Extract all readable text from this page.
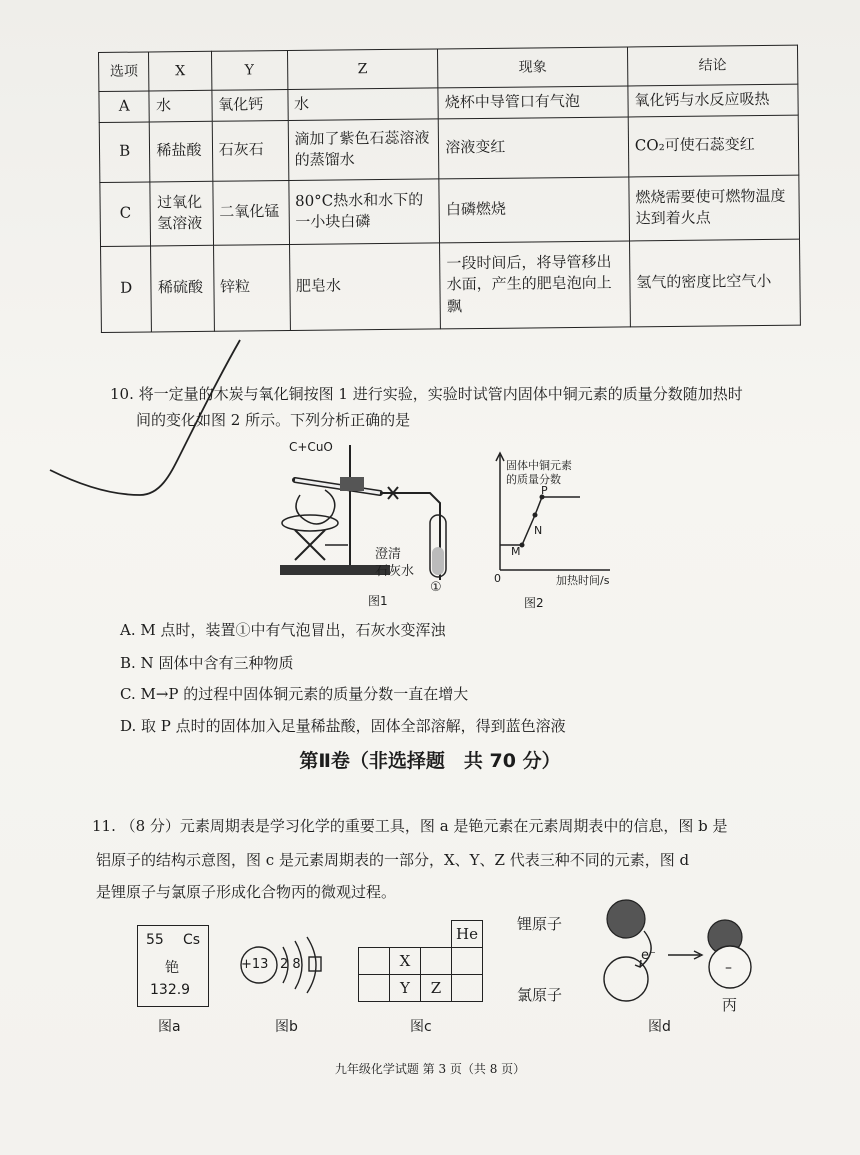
选项	X	Y	Z	现象	结论
A	水	氧化钙	水	烧杯中导管口有气泡	氧化钙与水反应吸热
B	稀盐酸	石灰石	滴加了紫色石蕊溶液的蒸馏水	溶液变红	CO₂可使石蕊变红
C	过氧化氢溶液	二氧化锰	80°C热水和水下的一小块白磷	白磷燃烧	燃烧需要使可燃物温度达到着火点
D	稀硫酸	锌粒	肥皂水	一段时间后，将导管移出水面，产生的肥皂泡向上飘	氢气的密度比空气小
10. 将一定量的木炭与氧化铜按图 1 进行实验，实验时试管内固体中铜元素的质量分数随加热时
间的变化如图 2 所示。下列分析正确的是
C+CuO
澄清
石灰水
①
图1
固体中铜元素
的质量分数
M
N
P
0	加热时间/s
图2
A. M 点时，装置①中有气泡冒出，石灰水变浑浊
B. N 固体中含有三种物质
C. M→P 的过程中固体铜元素的质量分数一直在增大
D. 取 P 点时的固体加入足量稀盐酸，固体全部溶解，得到蓝色溶液
第Ⅱ卷（非选择题　共 70 分）
11. （8 分）元素周期表是学习化学的重要工具，图 a 是铯元素在元素周期表中的信息，图 b 是
铝原子的结构示意图，图 c 是元素周期表的一部分，X、Y、Z 代表三种不同的元素，图 d
是锂原子与氯原子形成化合物丙的微观过程。
55 Cs
铯
132.9
图a
+13 2 8
图b
			He
	X		
	Y	Z	
图c
锂原子
氯原子
e⁻
–
丙
图d
九年级化学试题 第 3 页（共 8 页）
